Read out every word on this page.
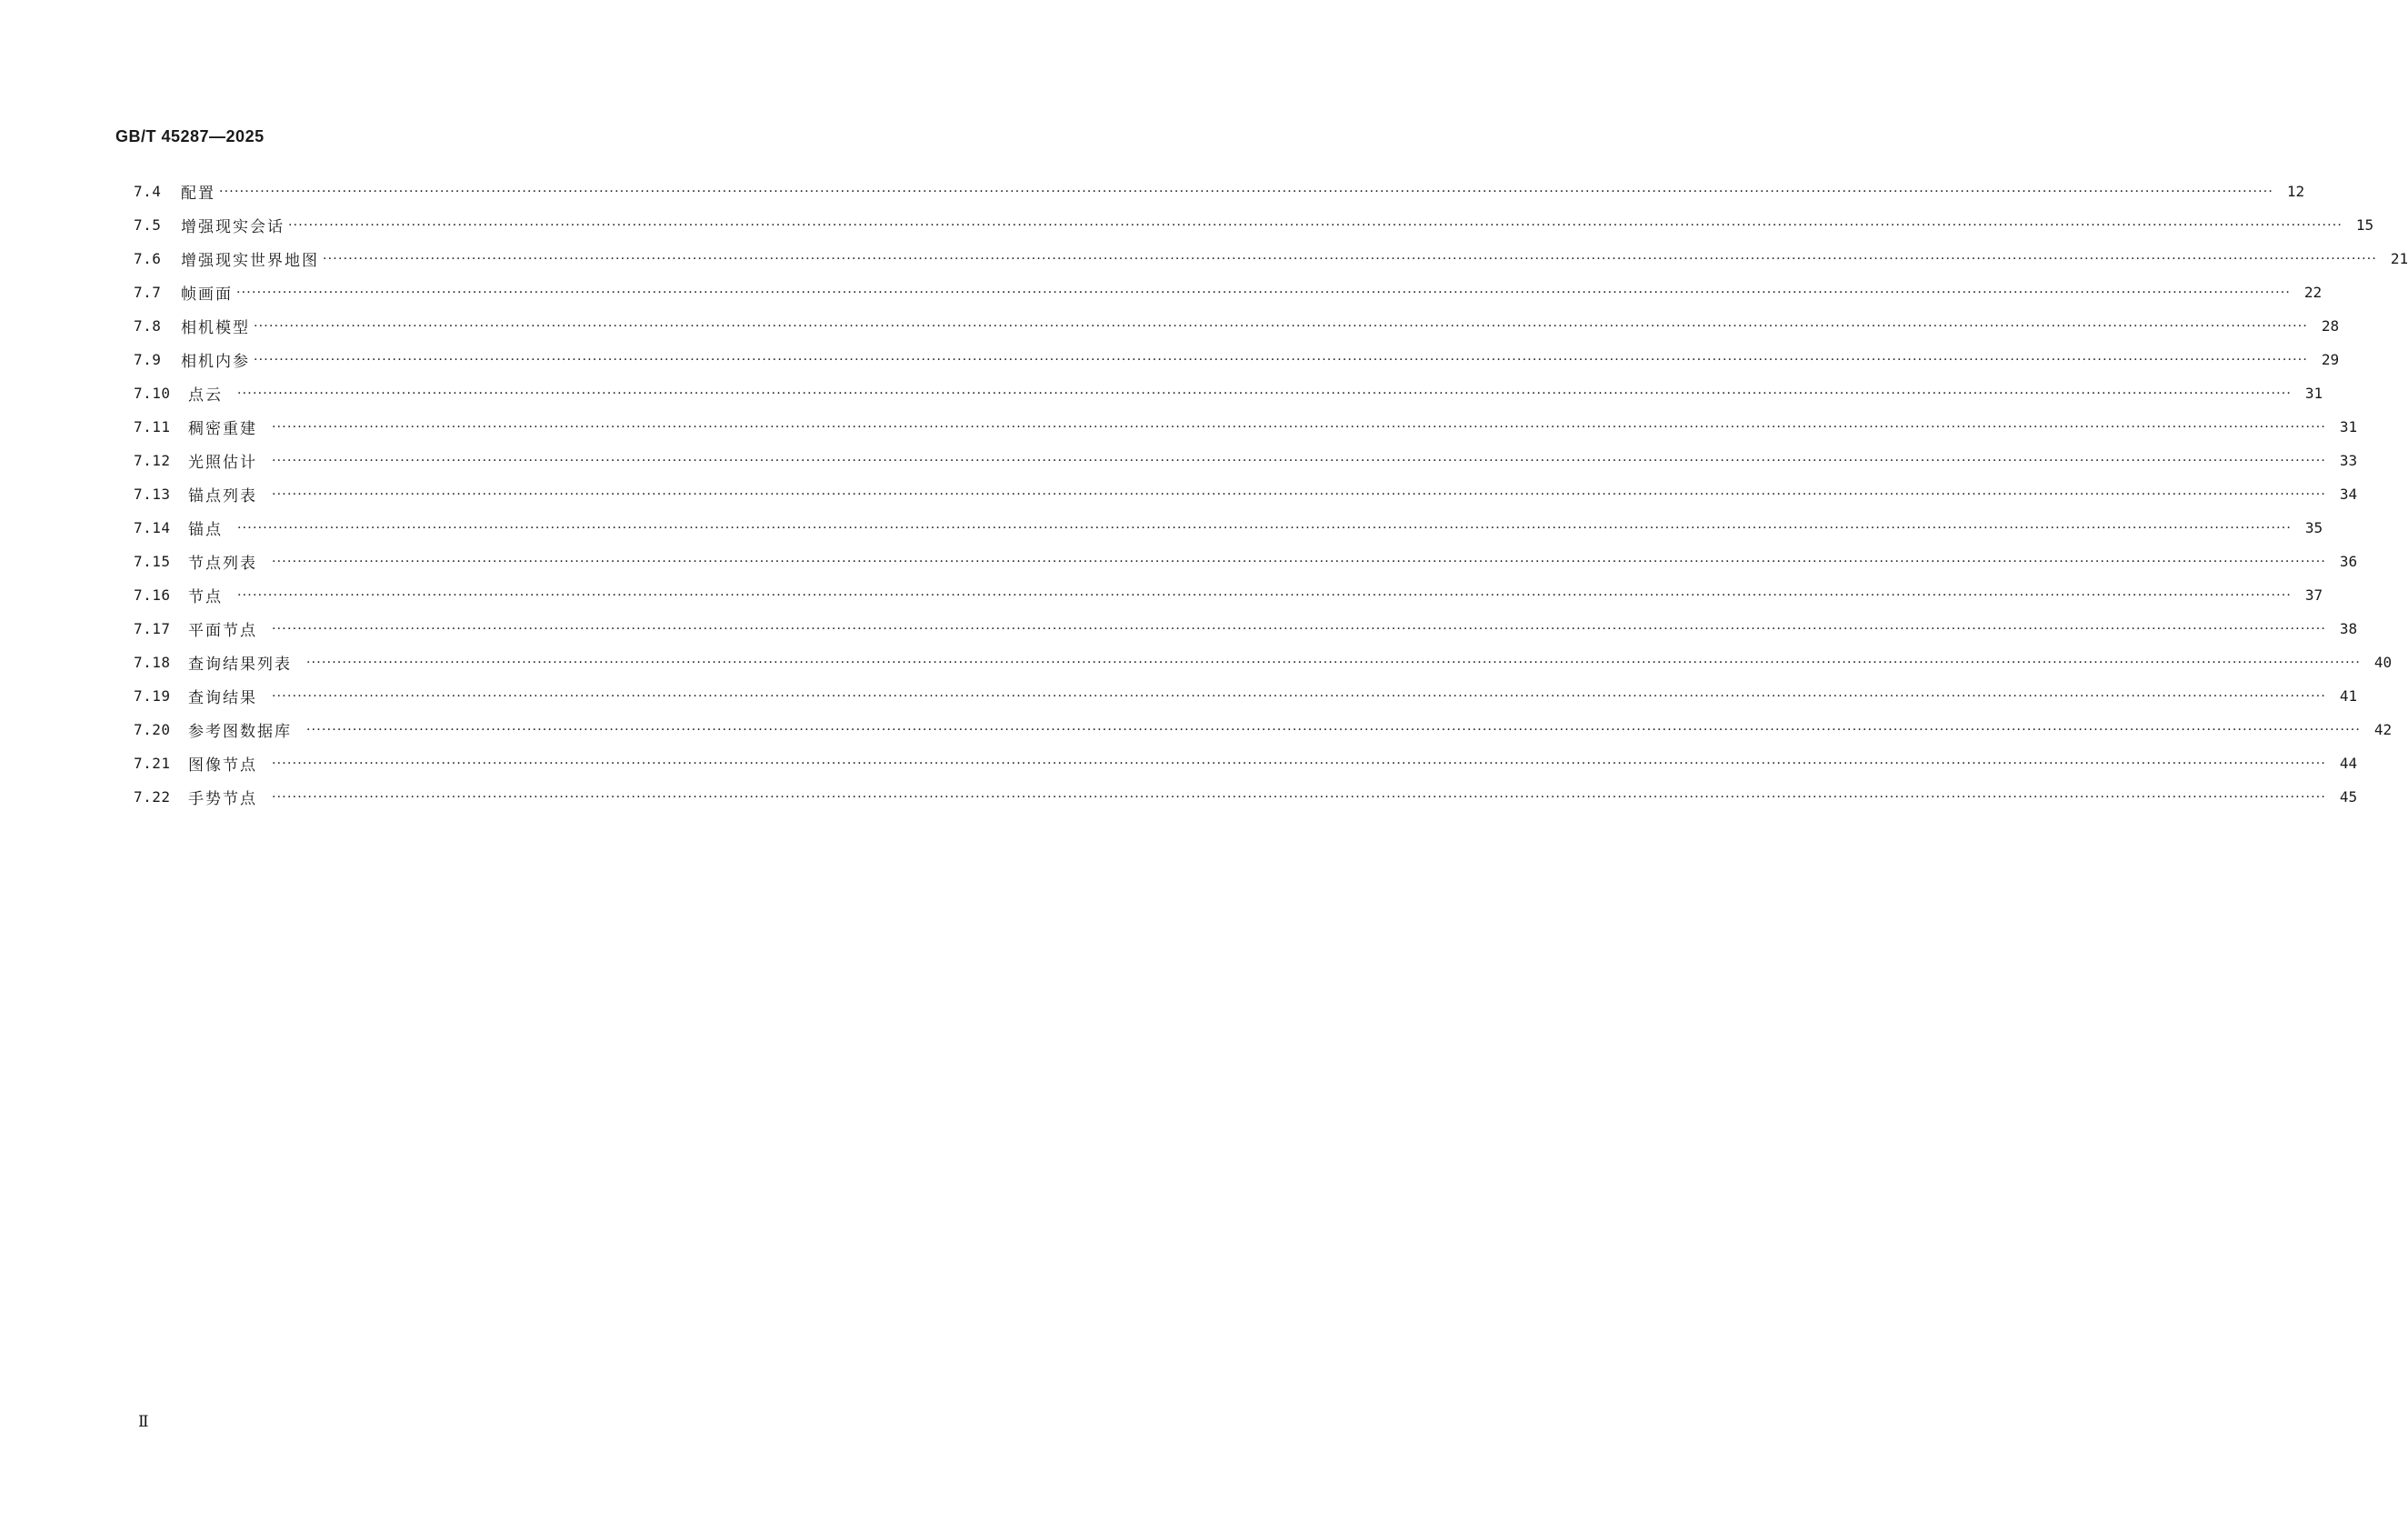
GB/T 45287—2025
7.4	配置 ················································································································································································································································································································································································································ 12
7.5	增强现实会话 ················································································································································································································································································································································································································ 15
7.6	增强现实世界地图 ················································································································································································································································································································································································································ 21
7.7	帧画面 ················································································································································································································································································································································································································ 22
7.8	相机模型 ················································································································································································································································································································································································································ 28
7.9	相机内参 ················································································································································································································································································································································································································ 29
7.10	点云	················································································································································································································································································································································································································ 31
7.11	稠密重建	················································································································································································································································································································································································································ 31
7.12	光照估计	················································································································································································································································································································································································································ 33
7.13	锚点列表	················································································································································································································································································································································································································ 34
7.14	锚点	················································································································································································································································································································································································································ 35
7.15	节点列表	················································································································································································································································································································································································································ 36
7.16	节点	················································································································································································································································································································································································································ 37
7.17	平面节点	················································································································································································································································································································································································································ 38
7.18	查询结果列表	················································································································································································································································································································································································································ 40
7.19	查询结果	················································································································································································································································································································································································································ 41
7.20	参考图数据库	················································································································································································································································································································································································································ 42
7.21	图像节点	················································································································································································································································································································································································································ 44
7.22	手势节点	················································································································································································································································································································································································································ 45
Ⅱ
